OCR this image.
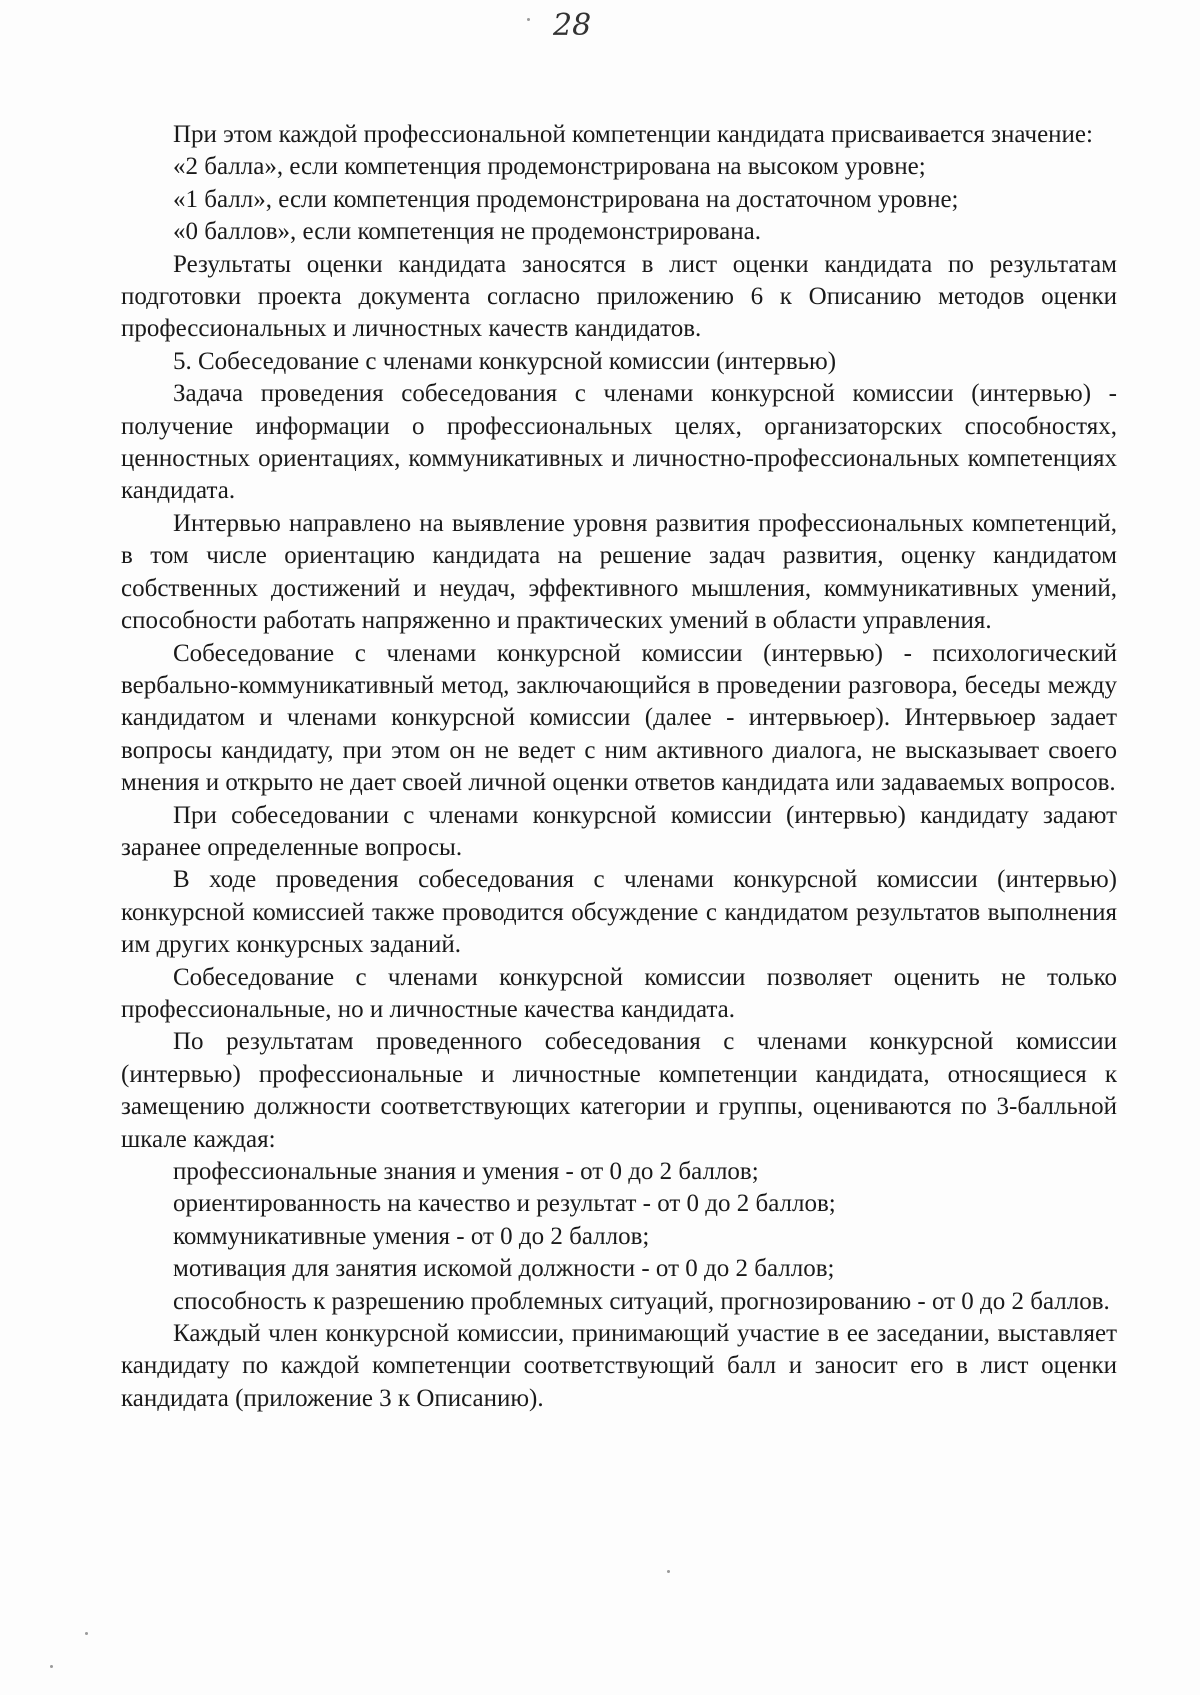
28

При этом каждой профессиональной компетенции кандидата присваивается значение:

«2 балла», если компетенция продемонстрирована на высоком уровне;

«1 балл», если компетенция продемонстрирована на достаточном уровне;

«0 баллов», если компетенция не продемонстрирована.

Результаты оценки кандидата заносятся в лист оценки кандидата по результатам подготовки проекта документа согласно приложению 6 к Описанию методов оценки профессиональных и личностных качеств кандидатов.

5. Собеседование с членами конкурсной комиссии (интервью)

Задача проведения собеседования с членами конкурсной комиссии (интервью) - получение информации о профессиональных целях, организаторских способностях, ценностных ориентациях, коммуникативных и личностно-профессиональных компетенциях кандидата.

Интервью направлено на выявление уровня развития профессиональных компетенций, в том числе ориентацию кандидата на решение задач развития, оценку кандидатом собственных достижений и неудач, эффективного мышления, коммуникативных умений, способности работать напряженно и практических умений в области управления.

Собеседование с членами конкурсной комиссии (интервью) - психологический вербально-коммуникативный метод, заключающийся в проведении разговора, беседы между кандидатом и членами конкурсной комиссии (далее - интервьюер). Интервьюер задает вопросы кандидату, при этом он не ведет с ним активного диалога, не высказывает своего мнения и открыто не дает своей личной оценки ответов кандидата или задаваемых вопросов.

При собеседовании с членами конкурсной комиссии (интервью) кандидату задают заранее определенные вопросы.

В ходе проведения собеседования с членами конкурсной комиссии (интервью) конкурсной комиссией также проводится обсуждение с кандидатом результатов выполнения им других конкурсных заданий.

Собеседование с членами конкурсной комиссии позволяет оценить не только профессиональные, но и личностные качества кандидата.

По результатам проведенного собеседования с членами конкурсной комиссии (интервью) профессиональные и личностные компетенции кандидата, относящиеся к замещению должности соответствующих категории и группы, оцениваются по 3-балльной шкале каждая:

профессиональные знания и умения - от 0 до 2 баллов;

ориентированность на качество и результат - от 0 до 2 баллов;

коммуникативные умения - от 0 до 2 баллов;

мотивация для занятия искомой должности - от 0 до 2 баллов;

способность к разрешению проблемных ситуаций, прогнозированию - от 0 до 2 баллов.

Каждый член конкурсной комиссии, принимающий участие в ее заседании, выставляет кандидату по каждой компетенции соответствующий балл и заносит его в лист оценки кандидата (приложение 3 к Описанию).
